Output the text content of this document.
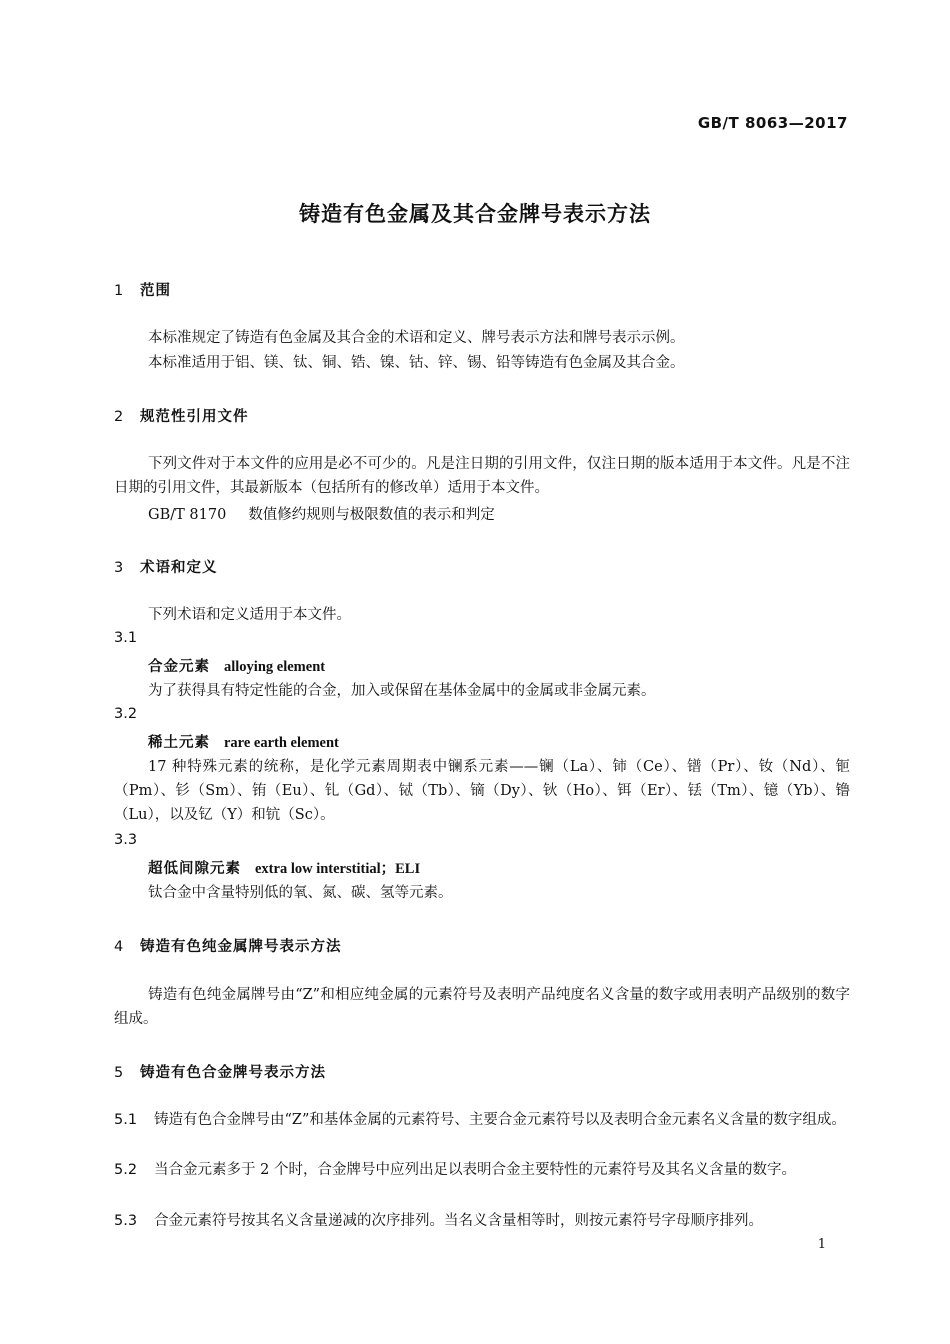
GB/T 8063—2017
铸造有色金属及其合金牌号表示方法
1 范围
本标准规定了铸造有色金属及其合金的术语和定义、牌号表示方法和牌号表示示例。
本标准适用于铝、镁、钛、铜、锆、镍、钴、锌、锡、铅等铸造有色金属及其合金。
2 规范性引用文件
下列文件对于本文件的应用是必不可少的。凡是注日期的引用文件，仅注日期的版本适用于本文件。凡是不注日期的引用文件，其最新版本（包括所有的修改单）适用于本文件。
GB/T 8170 数值修约规则与极限数值的表示和判定
3 术语和定义
下列术语和定义适用于本文件。
3.1
合金元素 alloying element
为了获得具有特定性能的合金，加入或保留在基体金属中的金属或非金属元素。
3.2
稀土元素 rare earth element
17 种特殊元素的统称，是化学元素周期表中镧系元素——镧（La）、铈（Ce）、镨（Pr）、钕（Nd）、钷（Pm）、钐（Sm）、铕（Eu）、钆（Gd）、铽（Tb）、镝（Dy）、钬（Ho）、铒（Er）、铥（Tm）、镱（Yb）、镥（Lu），以及钇（Y）和钪（Sc）。
3.3
超低间隙元素 extra low interstitial；ELI
钛合金中含量特别低的氧、氮、碳、氢等元素。
4 铸造有色纯金属牌号表示方法
铸造有色纯金属牌号由“Z”和相应纯金属的元素符号及表明产品纯度名义含量的数字或用表明产品级别的数字组成。
5 铸造有色合金牌号表示方法
5.1 铸造有色合金牌号由“Z”和基体金属的元素符号、主要合金元素符号以及表明合金元素名义含量的数字组成。
5.2 当合金元素多于 2 个时，合金牌号中应列出足以表明合金主要特性的元素符号及其名义含量的数字。
5.3 合金元素符号按其名义含量递减的次序排列。当名义含量相等时，则按元素符号字母顺序排列。
1
